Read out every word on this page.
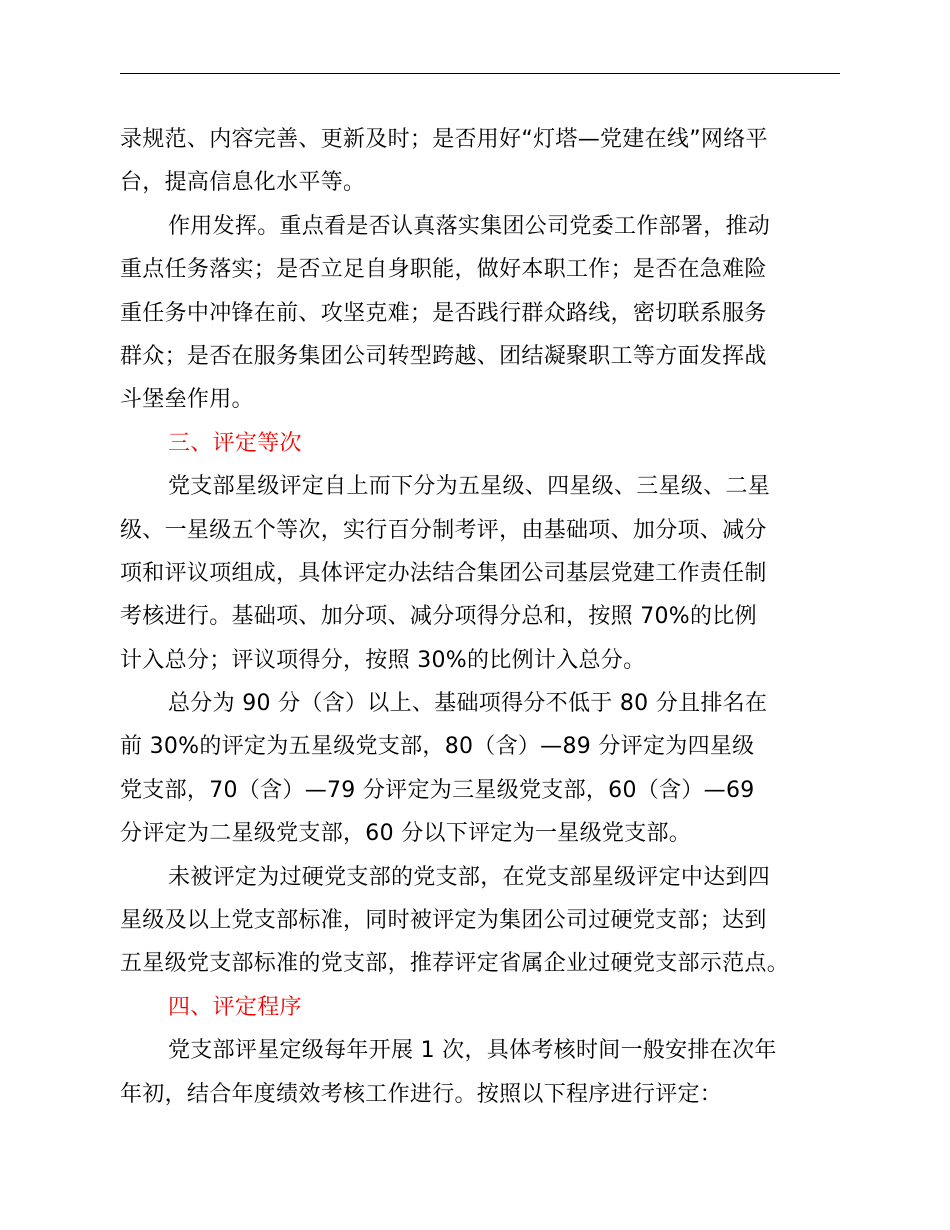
录规范、内容完善、更新及时；是否用好“灯塔—党建在线”网络平
台，提高信息化水平等。
作用发挥。重点看是否认真落实集团公司党委工作部署，推动
重点任务落实；是否立足自身职能，做好本职工作；是否在急难险
重任务中冲锋在前、攻坚克难；是否践行群众路线，密切联系服务
群众；是否在服务集团公司转型跨越、团结凝聚职工等方面发挥战
斗堡垒作用。
三、评定等次
党支部星级评定自上而下分为五星级、四星级、三星级、二星
级、一星级五个等次，实行百分制考评，由基础项、加分项、减分
项和评议项组成，具体评定办法结合集团公司基层党建工作责任制
考核进行。基础项、加分项、减分项得分总和，按照 70%的比例
计入总分；评议项得分，按照 30%的比例计入总分。
总分为 90 分（含）以上、基础项得分不低于 80 分且排名在
前 30%的评定为五星级党支部，80（含）—89 分评定为四星级
党支部，70（含）—79 分评定为三星级党支部，60（含）—69
分评定为二星级党支部，60 分以下评定为一星级党支部。
未被评定为过硬党支部的党支部，在党支部星级评定中达到四
星级及以上党支部标准，同时被评定为集团公司过硬党支部；达到
五星级党支部标准的党支部，推荐评定省属企业过硬党支部示范点。
四、评定程序
党支部评星定级每年开展 1 次，具体考核时间一般安排在次年
年初，结合年度绩效考核工作进行。按照以下程序进行评定：
